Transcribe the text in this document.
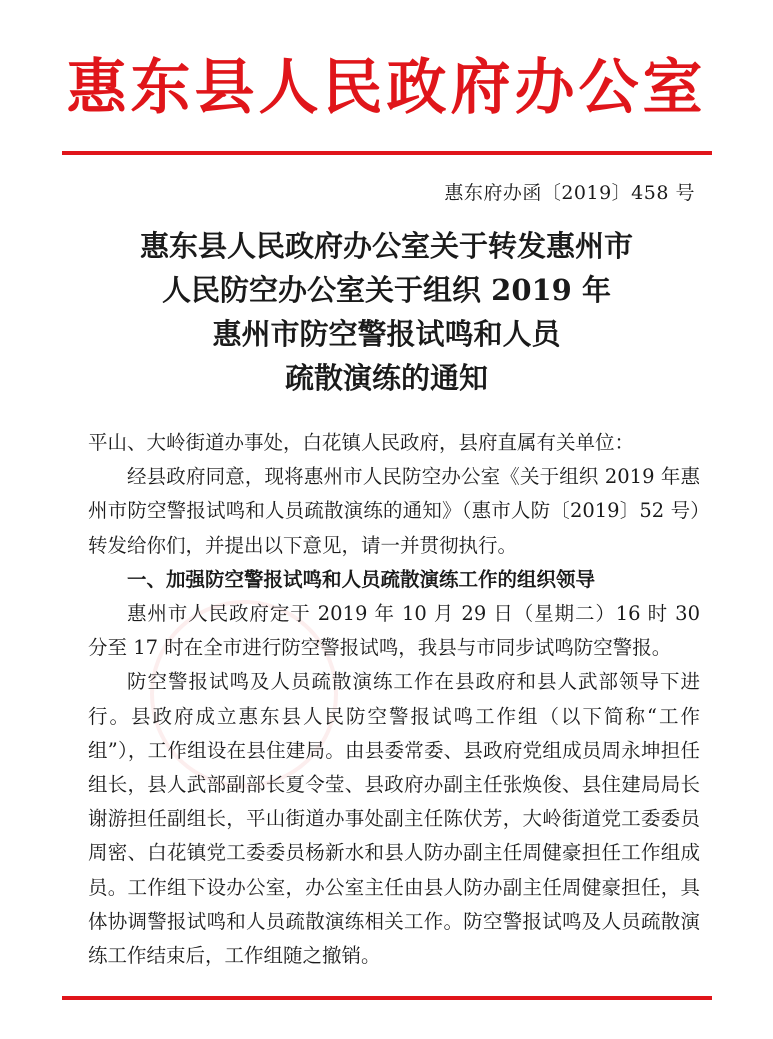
惠东县人民政府办公室
惠东府办函〔2019〕458 号
惠东县人民政府办公室关于转发惠州市
人民防空办公室关于组织 2019 年
惠州市防空警报试鸣和人员
疏散演练的通知

平山、大岭街道办事处，白花镇人民政府，县府直属有关单位：

经县政府同意，现将惠州市人民防空办公室《关于组织 2019 年惠州市防空警报试鸣和人员疏散演练的通知》（惠市人防〔2019〕52 号）转发给你们，并提出以下意见，请一并贯彻执行。

一、加强防空警报试鸣和人员疏散演练工作的组织领导

惠州市人民政府定于 2019 年 10 月 29 日（星期二）16 时 30 分至 17 时在全市进行防空警报试鸣，我县与市同步试鸣防空警报。

防空警报试鸣及人员疏散演练工作在县政府和县人武部领导下进行。县政府成立惠东县人民防空警报试鸣工作组（以下简称“工作组”），工作组设在县住建局。由县委常委、县政府党组成员周永坤担任组长，县人武部副部长夏令莹、县政府办副主任张焕俊、县住建局局长谢游担任副组长，平山街道办事处副主任陈伏芳，大岭街道党工委委员周密、白花镇党工委委员杨新水和县人防办副主任周健豪担任工作组成员。工作组下设办公室，办公室主任由县人防办副主任周健豪担任，具体协调警报试鸣和人员疏散演练相关工作。防空警报试鸣及人员疏散演练工作结束后，工作组随之撤销。
